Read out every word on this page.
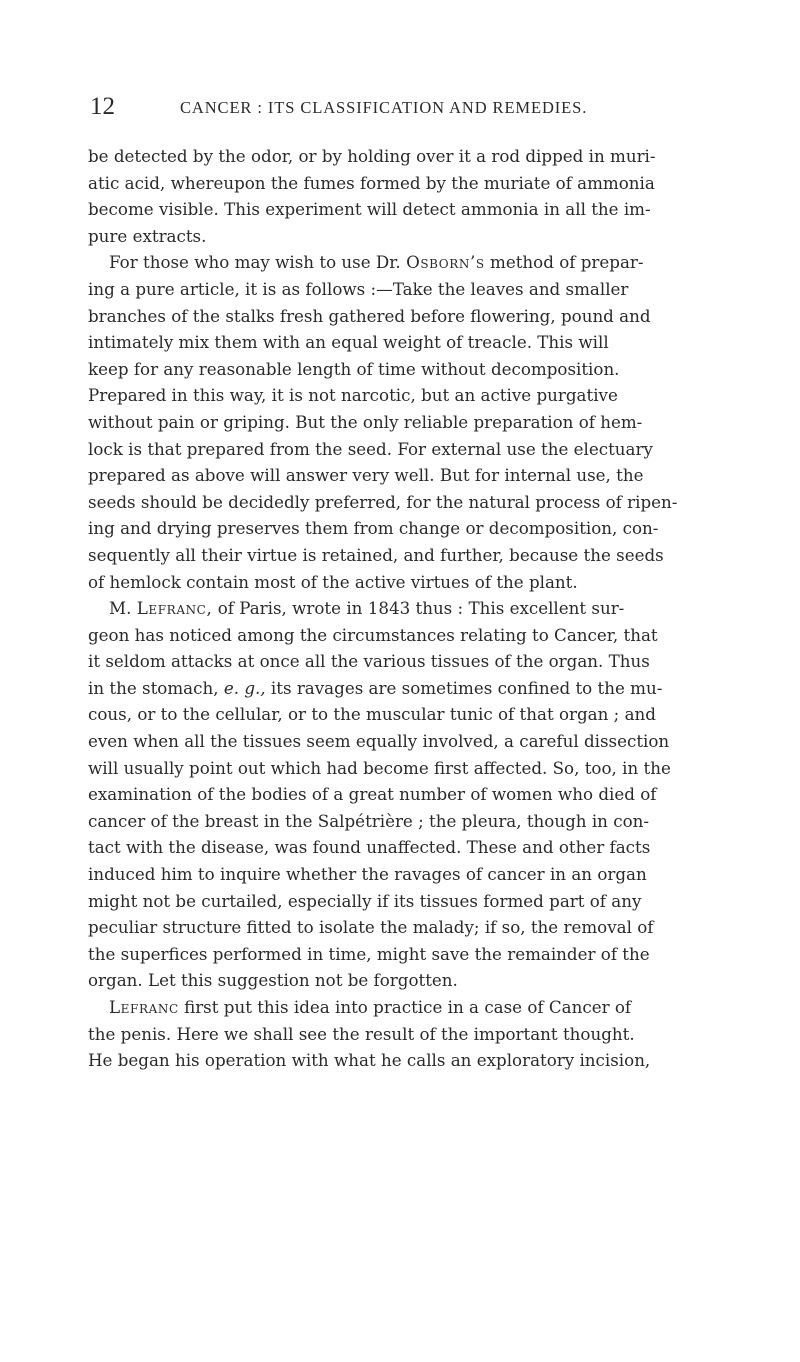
12	CANCER : ITS CLASSIFICATION AND REMEDIES.
be detected by the odor, or by holding over it a rod dipped in muri-
atic acid, whereupon the fumes formed by the muriate of ammonia
become visible. This experiment will detect ammonia in all the im-
pure extracts.
For those who may wish to use Dr. Osborn’s method of prepar-
ing a pure article, it is as follows :—Take the leaves and smaller
branches of the stalks fresh gathered before flowering, pound and
intimately mix them with an equal weight of treacle. This will
keep for any reasonable length of time without decomposition.
Prepared in this way, it is not narcotic, but an active purgative
without pain or griping. But the only reliable preparation of hem-
lock is that prepared from the seed. For external use the electuary
prepared as above will answer very well. But for internal use, the
seeds should be decidedly preferred, for the natural process of ripen-
ing and drying preserves them from change or decomposition, con-
sequently all their virtue is retained, and further, because the seeds
of hemlock contain most of the active virtues of the plant.
M. Lefranc, of Paris, wrote in 1843 thus : This excellent sur-
geon has noticed among the circumstances relating to Cancer, that
it seldom attacks at once all the various tissues of the organ. Thus
in the stomach, e. g., its ravages are sometimes confined to the mu-
cous, or to the cellular, or to the muscular tunic of that organ ; and
even when all the tissues seem equally involved, a careful dissection
will usually point out which had become first affected. So, too, in the
examination of the bodies of a great number of women who died of
cancer of the breast in the Salpétrière ; the pleura, though in con-
tact with the disease, was found unaffected. These and other facts
induced him to inquire whether the ravages of cancer in an organ
might not be curtailed, especially if its tissues formed part of any
peculiar structure fitted to isolate the malady; if so, the removal of
the superfices performed in time, might save the remainder of the
organ. Let this suggestion not be forgotten.
Lefranc first put this idea into practice in a case of Cancer of
the penis. Here we shall see the result of the important thought.
He began his operation with what he calls an exploratory incision,
